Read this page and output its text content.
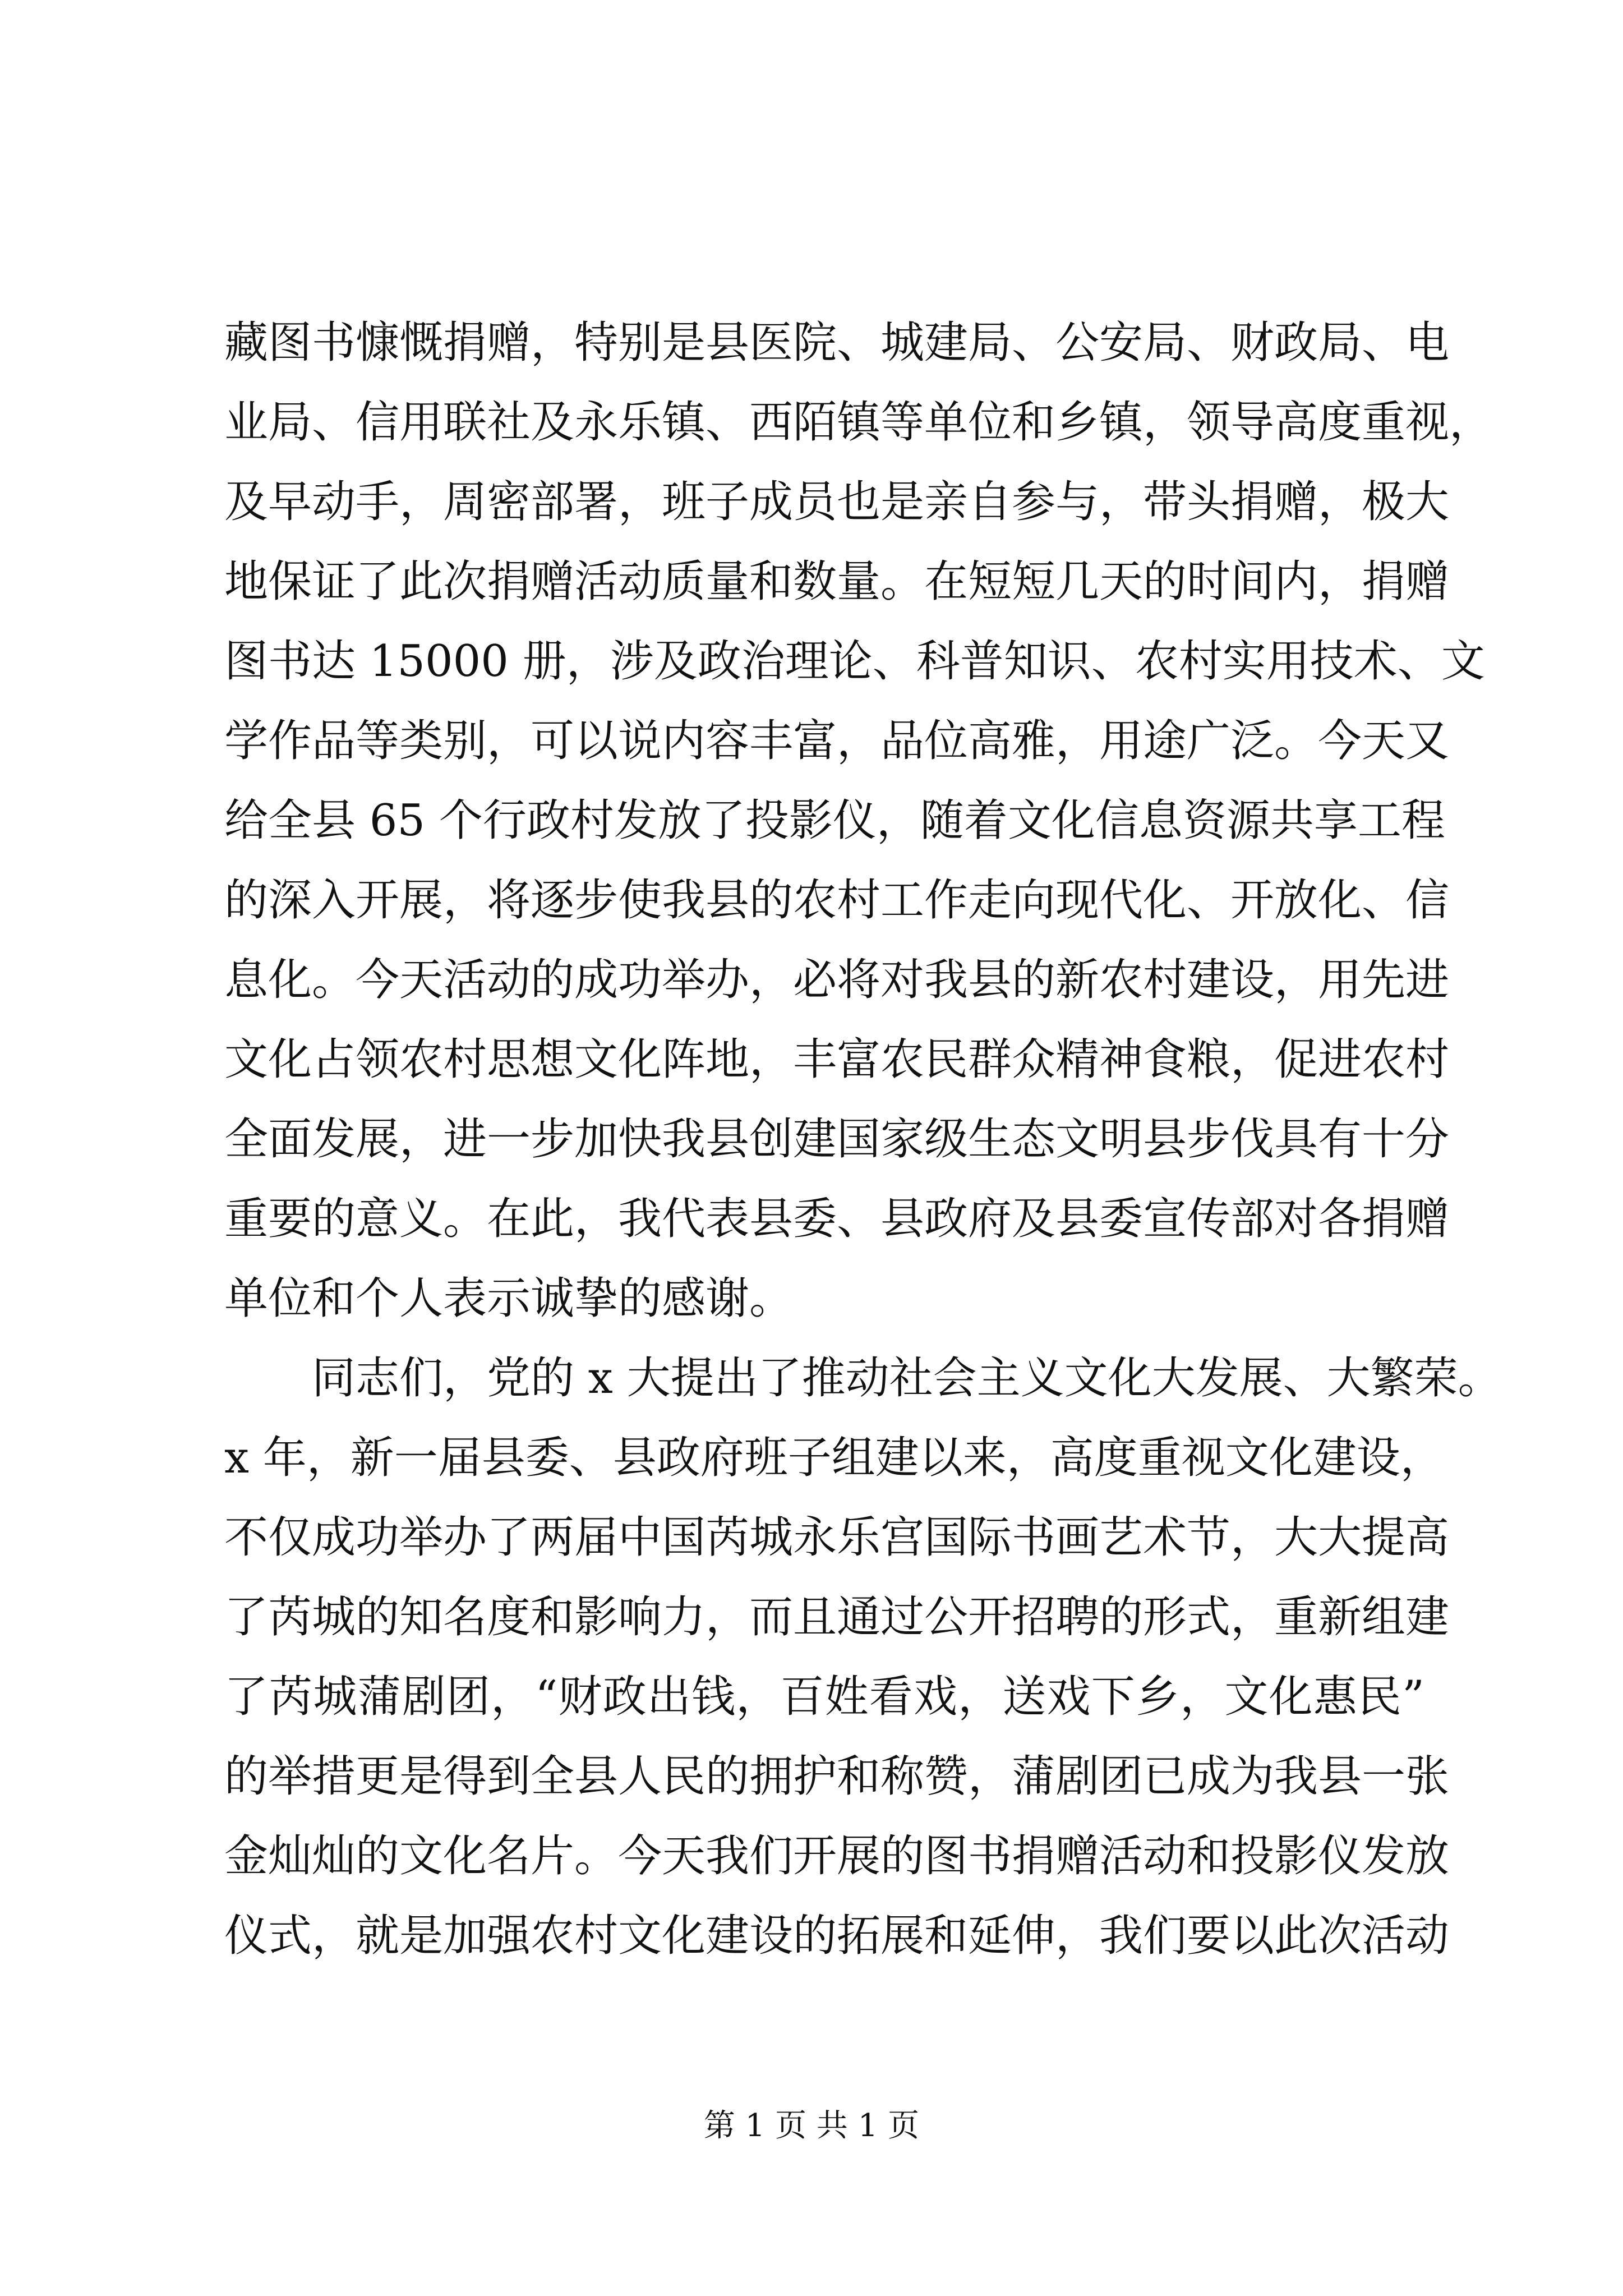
藏图书慷慨捐赠，特别是县医院、城建局、公安局、财政局、电
业局、信用联社及永乐镇、西陌镇等单位和乡镇，领导高度重视，
及早动手，周密部署，班子成员也是亲自参与，带头捐赠，极大
地保证了此次捐赠活动质量和数量。在短短几天的时间内，捐赠
图书达 15000 册，涉及政治理论、科普知识、农村实用技术、文
学作品等类别，可以说内容丰富，品位高雅，用途广泛。今天又
给全县 65 个行政村发放了投影仪，随着文化信息资源共享工程
的深入开展，将逐步使我县的农村工作走向现代化、开放化、信
息化。今天活动的成功举办，必将对我县的新农村建设，用先进
文化占领农村思想文化阵地，丰富农民群众精神食粮，促进农村
全面发展，进一步加快我县创建国家级生态文明县步伐具有十分
重要的意义。在此，我代表县委、县政府及县委宣传部对各捐赠
单位和个人表示诚挚的感谢。
同志们，党的 x 大提出了推动社会主义文化大发展、大繁荣。
x 年，新一届县委、县政府班子组建以来，高度重视文化建设，
不仅成功举办了两届中国芮城永乐宫国际书画艺术节，大大提高
了芮城的知名度和影响力，而且通过公开招聘的形式，重新组建
了芮城蒲剧团，“财政出钱，百姓看戏，送戏下乡，文化惠民”
的举措更是得到全县人民的拥护和称赞，蒲剧团已成为我县一张
金灿灿的文化名片。今天我们开展的图书捐赠活动和投影仪发放
仪式，就是加强农村文化建设的拓展和延伸，我们要以此次活动
第 1 页 共 1 页
